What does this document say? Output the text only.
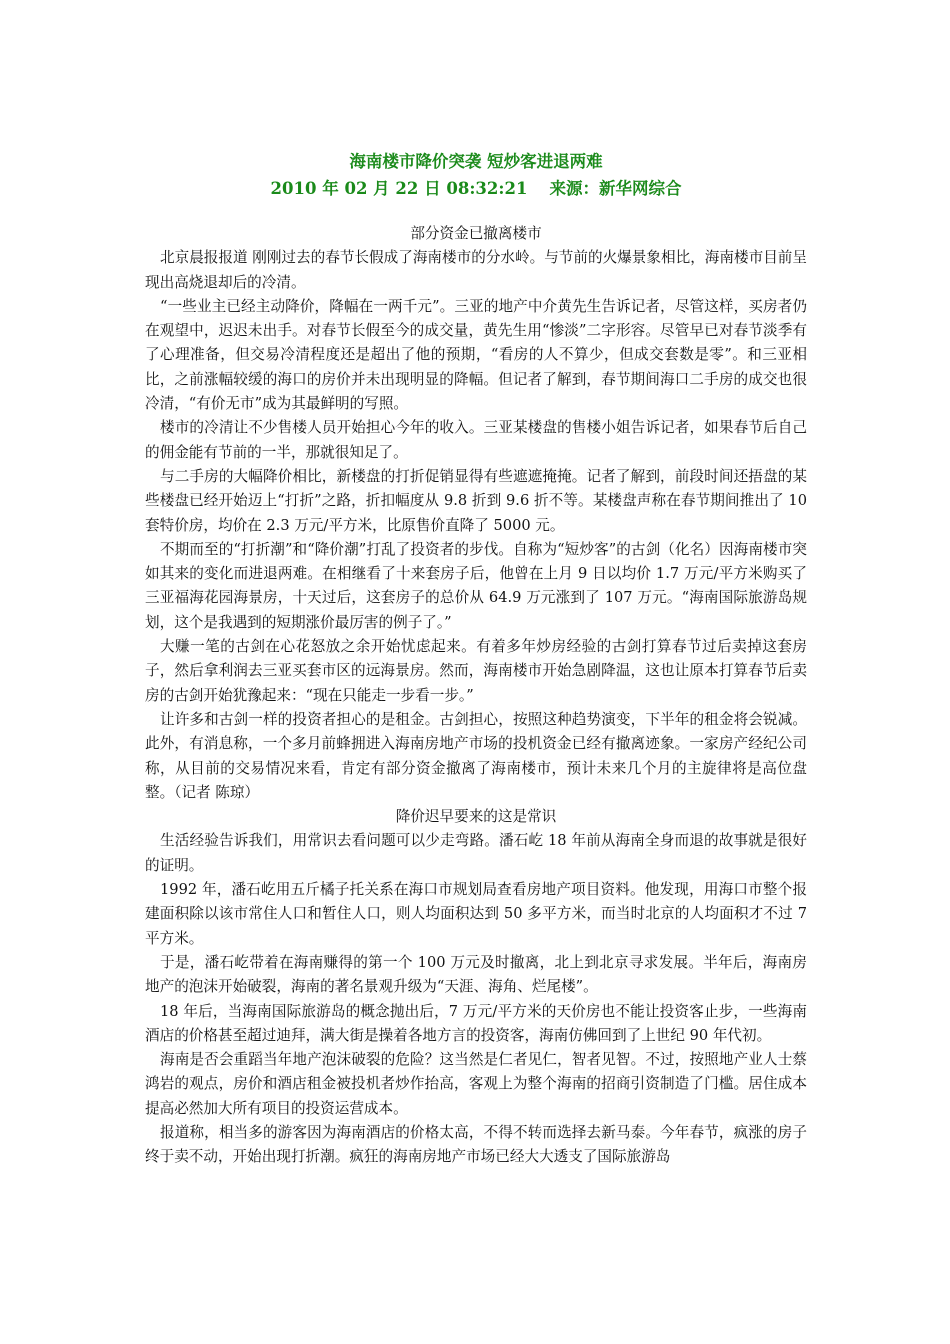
海南楼市降价突袭 短炒客进退两难
2010 年 02 月 22 日 08:32:21 来源：新华网综合
部分资金已撤离楼市

北京晨报报道 刚刚过去的春节长假成了海南楼市的分水岭。与节前的火爆景象相比，海南楼市目前呈现出高烧退却后的冷清。

“一些业主已经主动降价，降幅在一两千元”。三亚的地产中介黄先生告诉记者，尽管这样，买房者仍在观望中，迟迟未出手。对春节长假至今的成交量，黄先生用“惨淡”二字形容。尽管早已对春节淡季有了心理准备，但交易冷清程度还是超出了他的预期，“看房的人不算少，但成交套数是零”。和三亚相比，之前涨幅较缓的海口的房价并未出现明显的降幅。但记者了解到，春节期间海口二手房的成交也很冷清，“有价无市”成为其最鲜明的写照。

楼市的冷清让不少售楼人员开始担心今年的收入。三亚某楼盘的售楼小姐告诉记者，如果春节后自己的佣金能有节前的一半，那就很知足了。

与二手房的大幅降价相比，新楼盘的打折促销显得有些遮遮掩掩。记者了解到，前段时间还捂盘的某些楼盘已经开始迈上“打折”之路，折扣幅度从 9.8 折到 9.6 折不等。某楼盘声称在春节期间推出了 10 套特价房，均价在 2.3 万元/平方米，比原售价直降了 5000 元。

不期而至的“打折潮”和“降价潮”打乱了投资者的步伐。自称为“短炒客”的古剑（化名）因海南楼市突如其来的变化而进退两难。在相继看了十来套房子后，他曾在上月 9 日以均价 1.7 万元/平方米购买了三亚福海花园海景房，十天过后，这套房子的总价从 64.9 万元涨到了 107 万元。“海南国际旅游岛规划，这个是我遇到的短期涨价最厉害的例子了。”

大赚一笔的古剑在心花怒放之余开始忧虑起来。有着多年炒房经验的古剑打算春节过后卖掉这套房子，然后拿利润去三亚买套市区的远海景房。然而，海南楼市开始急剧降温，这也让原本打算春节后卖房的古剑开始犹豫起来：“现在只能走一步看一步。”

让许多和古剑一样的投资者担心的是租金。古剑担心，按照这种趋势演变，下半年的租金将会锐减。此外，有消息称，一个多月前蜂拥进入海南房地产市场的投机资金已经有撤离迹象。一家房产经纪公司称，从目前的交易情况来看，肯定有部分资金撤离了海南楼市，预计未来几个月的主旋律将是高位盘整。（记者 陈琼）

降价迟早要来的这是常识

生活经验告诉我们，用常识去看问题可以少走弯路。潘石屹 18 年前从海南全身而退的故事就是很好的证明。

1992 年，潘石屹用五斤橘子托关系在海口市规划局查看房地产项目资料。他发现，用海口市整个报建面积除以该市常住人口和暂住人口，则人均面积达到 50 多平方米，而当时北京的人均面积才不过 7 平方米。

于是，潘石屹带着在海南赚得的第一个 100 万元及时撤离，北上到北京寻求发展。半年后，海南房地产的泡沫开始破裂，海南的著名景观升级为“天涯、海角、烂尾楼”。

18 年后，当海南国际旅游岛的概念抛出后，7 万元/平方米的天价房也不能让投资客止步，一些海南酒店的价格甚至超过迪拜，满大街是操着各地方言的投资客，海南仿佛回到了上世纪 90 年代初。

海南是否会重蹈当年地产泡沫破裂的危险？这当然是仁者见仁，智者见智。不过，按照地产业人士蔡鸿岩的观点，房价和酒店租金被投机者炒作抬高，客观上为整个海南的招商引资制造了门槛。居住成本提高必然加大所有项目的投资运营成本。

报道称，相当多的游客因为海南酒店的价格太高，不得不转而选择去新马泰。今年春节，疯涨的房子终于卖不动，开始出现打折潮。疯狂的海南房地产市场已经大大透支了国际旅游岛
